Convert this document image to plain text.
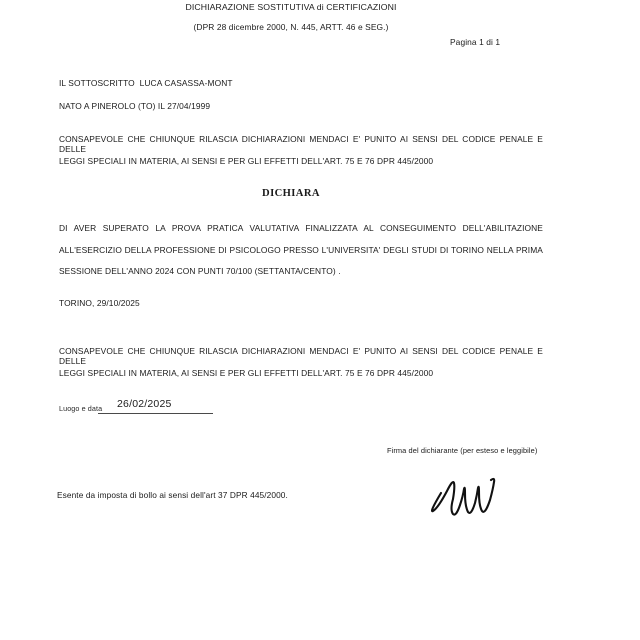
DICHIARAZIONE SOSTITUTIVA di CERTIFICAZIONI
(DPR 28 dicembre 2000, N. 445, ARTT. 46 e SEG.)
Pagina 1 di 1
IL SOTTOSCRITTO  LUCA CASASSA-MONT
NATO A PINEROLO (TO) IL 27/04/1999
CONSAPEVOLE CHE CHIUNQUE RILASCIA DICHIARAZIONI MENDACI E' PUNITO AI SENSI DEL CODICE PENALE E DELLE
LEGGI SPECIALI IN MATERIA, AI SENSI E PER GLI EFFETTI DELL'ART. 75 E 76 DPR 445/2000
DICHIARA
DI AVER SUPERATO LA PROVA PRATICA VALUTATIVA FINALIZZATA AL CONSEGUIMENTO DELL'ABILITAZIONE
ALL'ESERCIZIO DELLA PROFESSIONE DI PSICOLOGO PRESSO L'UNIVERSITA' DEGLI STUDI DI TORINO NELLA PRIMA
SESSIONE DELL'ANNO 2024 CON PUNTI 70/100 (SETTANTA/CENTO) .
TORINO, 29/10/2025
CONSAPEVOLE CHE CHIUNQUE RILASCIA DICHIARAZIONI MENDACI E' PUNITO AI SENSI DEL CODICE PENALE E DELLE
LEGGI SPECIALI IN MATERIA, AI SENSI E PER GLI EFFETTI DELL'ART. 75 E 76 DPR 445/2000
Luogo e data 26/02/2025
Firma del dichiarante (per esteso e leggibile)
Esente da imposta di bollo ai sensi dell'art 37 DPR 445/2000.
